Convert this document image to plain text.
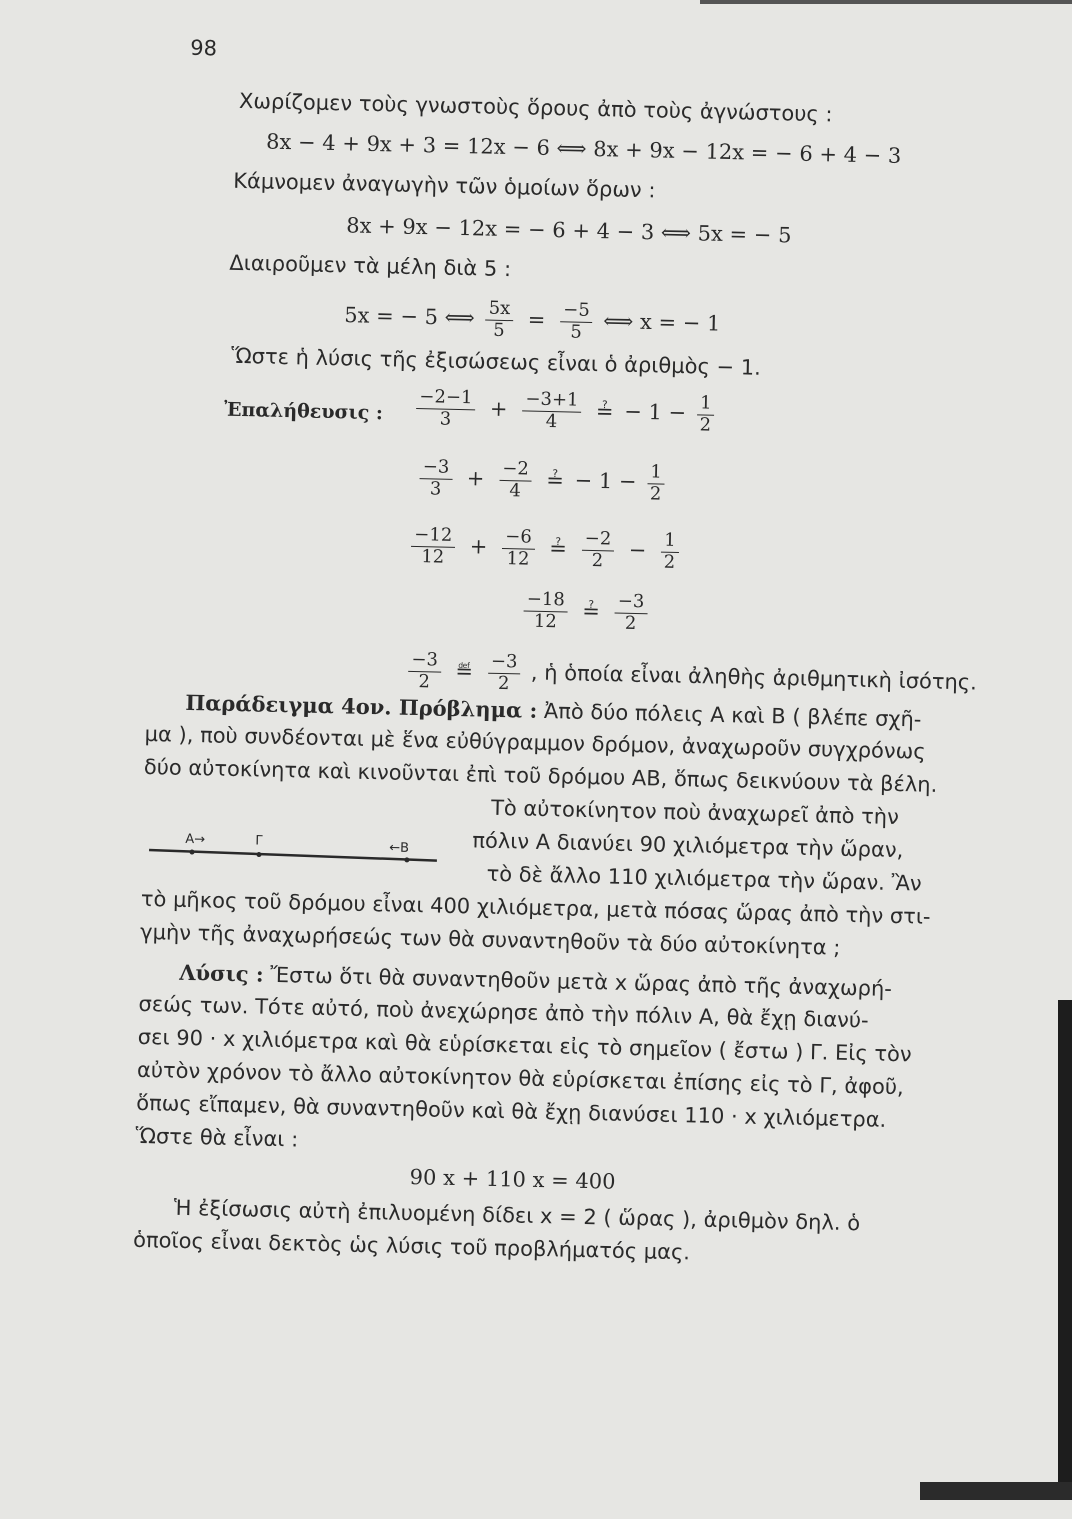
98
Χωρίζομεν τοὺς γνωστοὺς ὅρους ἀπὸ τοὺς ἀγνώστους :
8x − 4 + 9x + 3 = 12x − 6 ⟺ 8x + 9x − 12x = − 6 + 4 − 3
Κάμνομεν ἀναγωγὴν τῶν ὁμοίων ὅρων :
8x + 9x − 12x = − 6 + 4 − 3 ⟺ 5x = − 5
Διαιροῦμεν τὰ μέλη διὰ 5 :
5x = − 5 ⟺ $\frac{5x}{5} = \frac{-5}{5}$ ⟺ x = − 1
Ὥστε ἡ λύσις τῆς ἐξισώσεως εἶναι ὁ ἀριθμὸς − 1.
Ἐπαλήθευσις : $\frac{-2-1}{3} + \frac{-3+1}{4}$ ≟ − $1 - \frac{1}{2}$
$\frac{-3}{3} + \frac{-2}{4}$ ≟ − $1 - \frac{1}{2}$
$\frac{-12}{12} + \frac{-6}{12}$ ≟ $\frac{-2}{2} - \frac{1}{2}$
$\frac{-18}{12}$ ≟ $\frac{-3}{2}$
$\frac{-3}{2}$ ≝ $\frac{-3}{2}$ , ἡ ὁποία εἶναι ἀληθὴς ἀριθμητικὴ ἰσότης.
Παράδειγμα 4ον. Πρόβλημα : Ἀπὸ δύο πόλεις Α καὶ Β ( βλέπε σχῆ-
μα ), ποὺ συνδέονται μὲ ἕνα εὐθύγραμμον δρόμον, ἀναχωροῦν συγχρόνως
δύο αὐτοκίνητα καὶ κινοῦνται ἐπὶ τοῦ δρόμου ΑΒ, ὅπως δεικνύουν τὰ βέλη.
Τὸ αὐτοκίνητον ποὺ ἀναχωρεῖ ἀπὸ τὴν
πόλιν Α διανύει 90 χιλιόμετρα τὴν ὥραν,
τὸ δὲ ἄλλο 110 χιλιόμετρα τὴν ὥραν. Ἂν
τὸ μῆκος τοῦ δρόμου εἶναι 400 χιλιόμετρα, μετὰ πόσας ὥρας ἀπὸ τὴν στι-
γμὴν τῆς ἀναχωρήσεώς των θὰ συναντηθοῦν τὰ δύο αὐτοκίνητα ;
Α→	Γ	←Β
Λύσις : Ἔστω ὅτι θὰ συναντηθοῦν μετὰ x ὥρας ἀπὸ τῆς ἀναχωρή-
σεώς των. Τότε αὐτό, ποὺ ἀνεχώρησε ἀπὸ τὴν πόλιν Α, θὰ ἔχῃ διανύ-
σει 90 · x χιλιόμετρα καὶ θὰ εὑρίσκεται εἰς τὸ σημεῖον ( ἔστω ) Γ. Εἰς τὸν
αὐτὸν χρόνον τὸ ἄλλο αὐτοκίνητον θὰ εὑρίσκεται ἐπίσης εἰς τὸ Γ, ἀφοῦ,
ὅπως εἴπαμεν, θὰ συναντηθοῦν καὶ θὰ ἔχῃ διανύσει 110 · x χιλιόμετρα.
Ὥστε θὰ εἶναι :
90 x + 110 x = 400
Ἡ ἐξίσωσις αὐτὴ ἐπιλυομένη δίδει x = 2 ( ὥρας ), ἀριθμὸν δηλ. ὁ
ὁποῖος εἶναι δεκτὸς ὡς λύσις τοῦ προβλήματός μας.
